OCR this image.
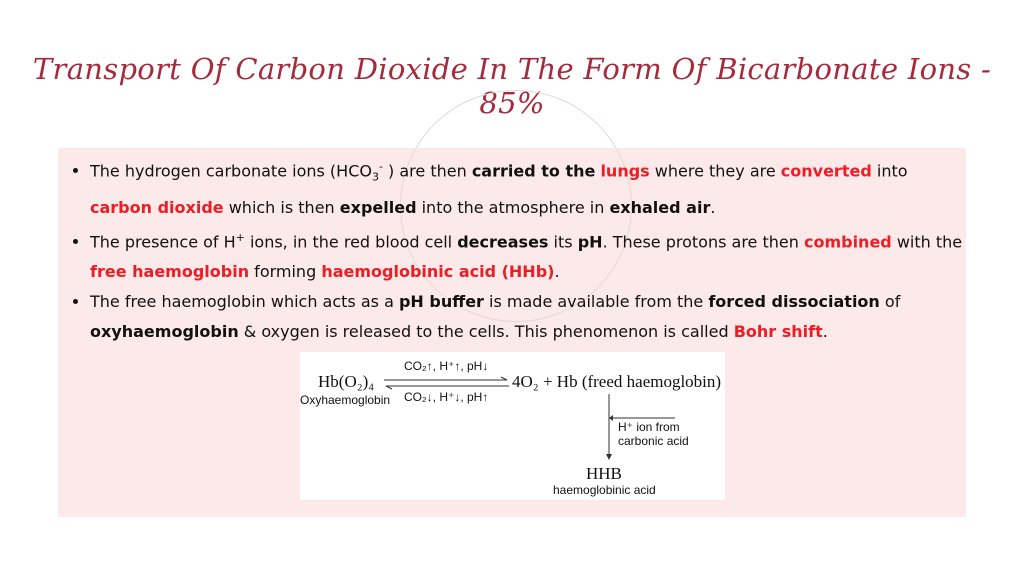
Transport Of Carbon Dioxide In The Form Of Bicarbonate Ions - 85%
• The hydrogen carbonate ions ($HCO_3^-$ ) are then carried to the lungs where they are converted into carbon dioxide which is then expelled into the atmosphere in exhaled air.
• The presence of H+ ions, in the red blood cell decreases its pH. These protons are then combined with the free haemoglobin forming haemoglobinic acid (HHb).
• The free haemoglobin which acts as a pH buffer is made available from the forced dissociation of oxyhaemoglobin & oxygen is released to the cells. This phenomenon is called Bohr shift.
Hb(O₂)₄
Oxyhaemoglobin
CO₂↑, H⁺↑, pH↓
CO₂↓, H⁺↓, pH↑
4O₂ + Hb (freed haemoglobin)
H⁺ ion from
carbonic acid
HHB
haemoglobinic acid
